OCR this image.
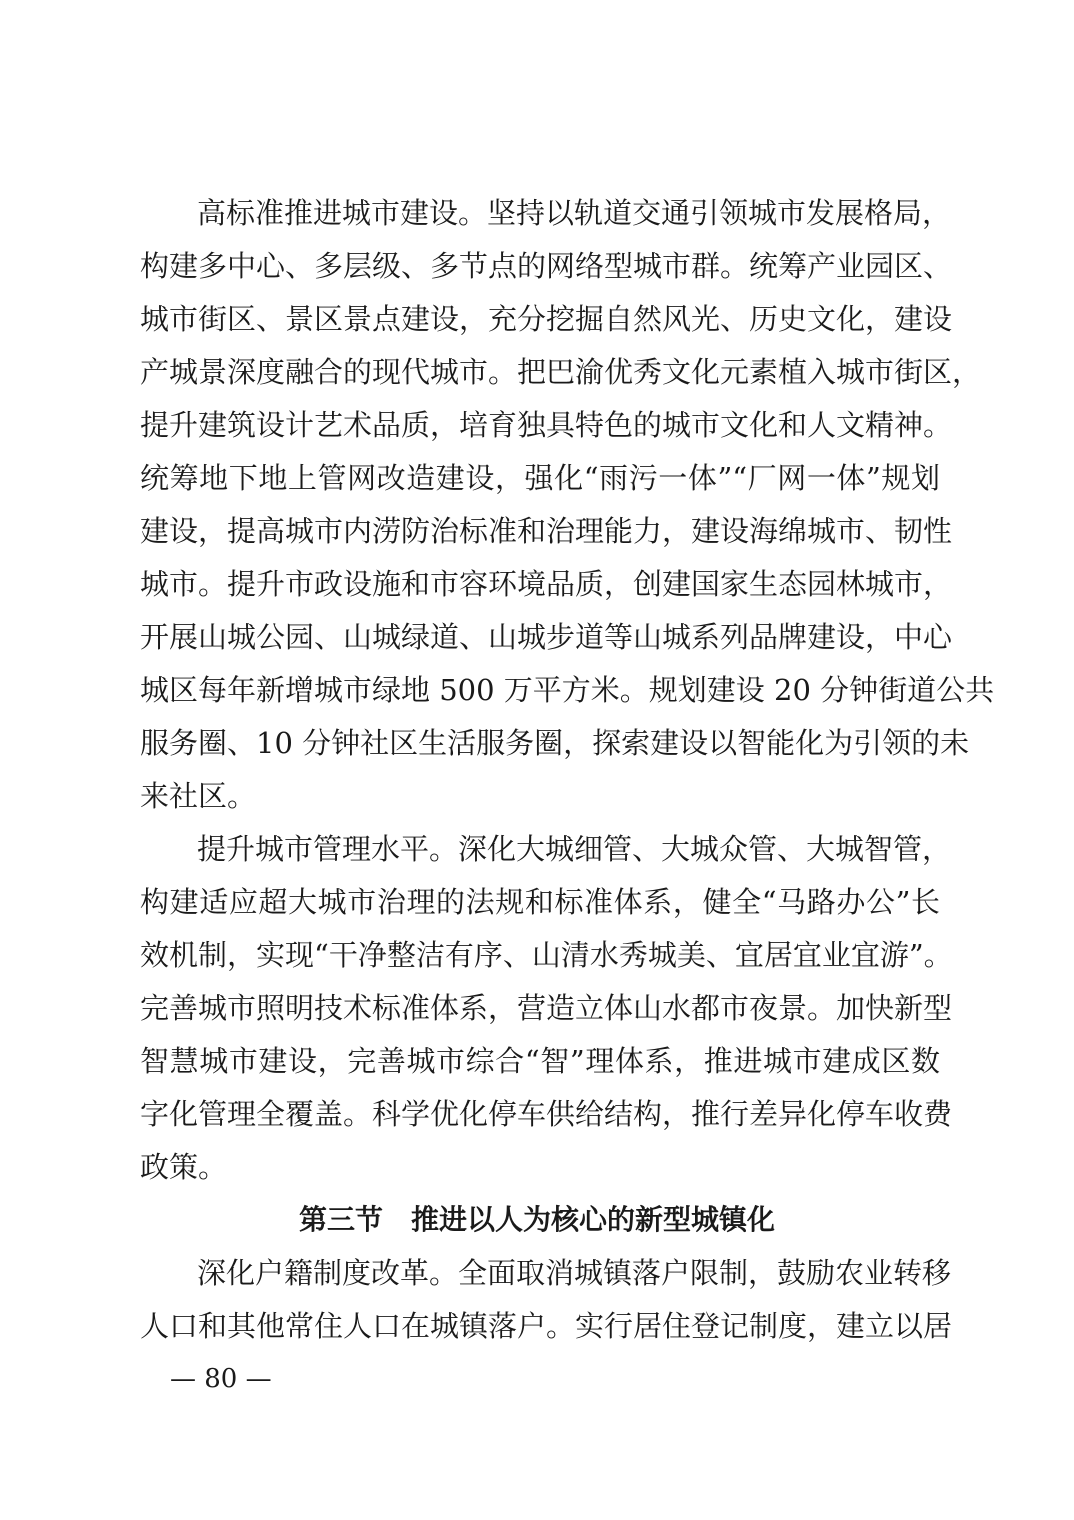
高标准推进城市建设。坚持以轨道交通引领城市发展格局，
构建多中心、多层级、多节点的网络型城市群。统筹产业园区、
城市街区、景区景点建设，充分挖掘自然风光、历史文化，建设
产城景深度融合的现代城市。把巴渝优秀文化元素植入城市街区，
提升建筑设计艺术品质，培育独具特色的城市文化和人文精神。
统筹地下地上管网改造建设，强化“雨污一体”“厂网一体”规划
建设，提高城市内涝防治标准和治理能力，建设海绵城市、韧性
城市。提升市政设施和市容环境品质，创建国家生态园林城市，
开展山城公园、山城绿道、山城步道等山城系列品牌建设，中心
城区每年新增城市绿地 500 万平方米。规划建设 20 分钟街道公共
服务圈、10 分钟社区生活服务圈，探索建设以智能化为引领的未
来社区。
提升城市管理水平。深化大城细管、大城众管、大城智管，
构建适应超大城市治理的法规和标准体系，健全“马路办公”长
效机制，实现“干净整洁有序、山清水秀城美、宜居宜业宜游”。
完善城市照明技术标准体系，营造立体山水都市夜景。加快新型
智慧城市建设，完善城市综合“智”理体系，推进城市建成区数
字化管理全覆盖。科学优化停车供给结构，推行差异化停车收费
政策。
第三节　推进以人为核心的新型城镇化
深化户籍制度改革。全面取消城镇落户限制，鼓励农业转移
人口和其他常住人口在城镇落户。实行居住登记制度，建立以居
— 80 —
